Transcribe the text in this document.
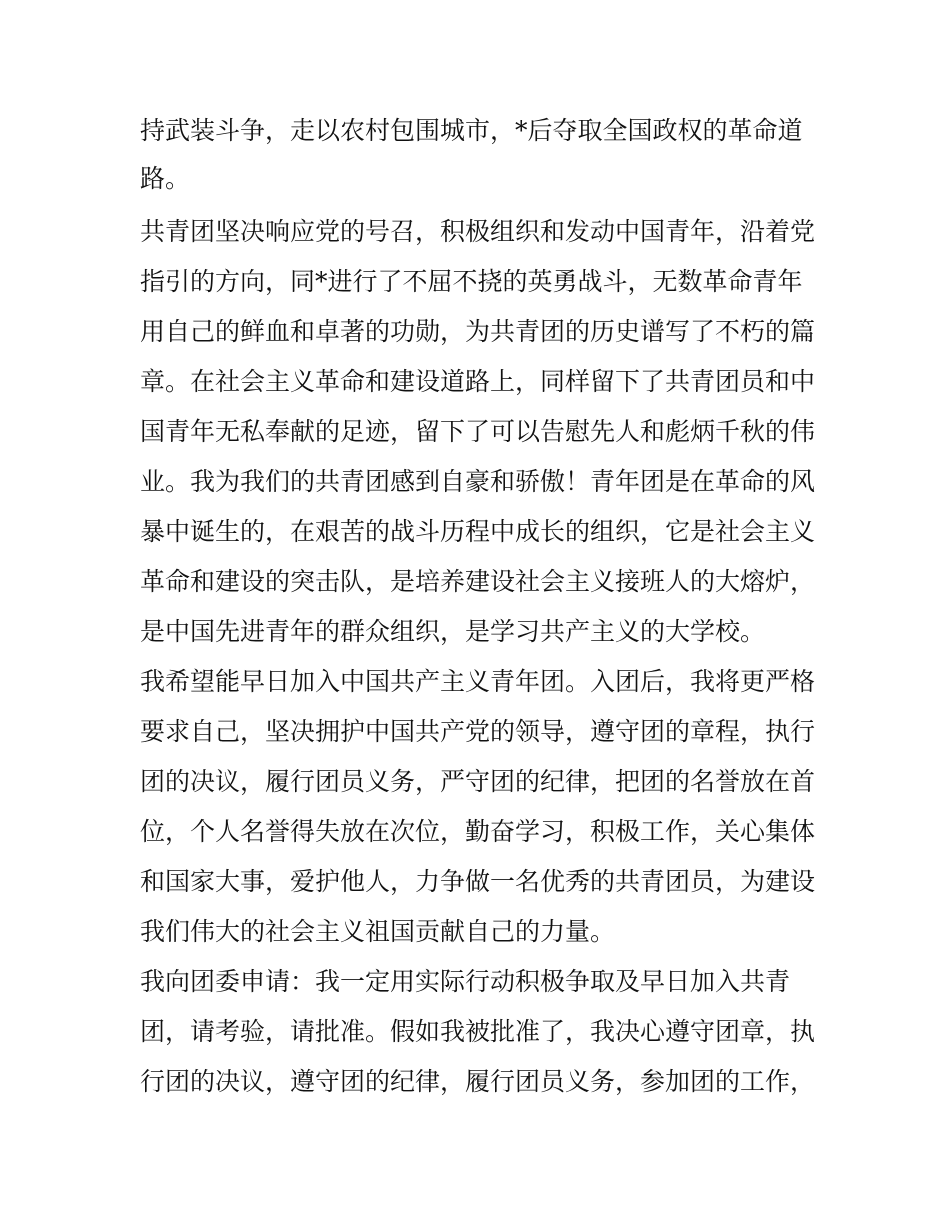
持武装斗争，走以农村包围城市，*后夺取全国政权的革命道
路。
共青团坚决响应党的号召，积极组织和发动中国青年，沿着党
指引的方向，同*进行了不屈不挠的英勇战斗，无数革命青年
用自己的鲜血和卓著的功勋，为共青团的历史谱写了不朽的篇
章。在社会主义革命和建设道路上，同样留下了共青团员和中
国青年无私奉献的足迹，留下了可以告慰先人和彪炳千秋的伟
业。我为我们的共青团感到自豪和骄傲！青年团是在革命的风
暴中诞生的，在艰苦的战斗历程中成长的组织，它是社会主义
革命和建设的突击队，是培养建设社会主义接班人的大熔炉，
是中国先进青年的群众组织，是学习共产主义的大学校。
我希望能早日加入中国共产主义青年团。入团后，我将更严格
要求自己，坚决拥护中国共产党的领导，遵守团的章程，执行
团的决议，履行团员义务，严守团的纪律，把团的名誉放在首
位，个人名誉得失放在次位，勤奋学习，积极工作，关心集体
和国家大事，爱护他人，力争做一名优秀的共青团员，为建设
我们伟大的社会主义祖国贡献自己的力量。
我向团委申请：我一定用实际行动积极争取及早日加入共青
团，请考验，请批准。假如我被批准了，我决心遵守团章，执
行团的决议，遵守团的纪律，履行团员义务，参加团的工作，
